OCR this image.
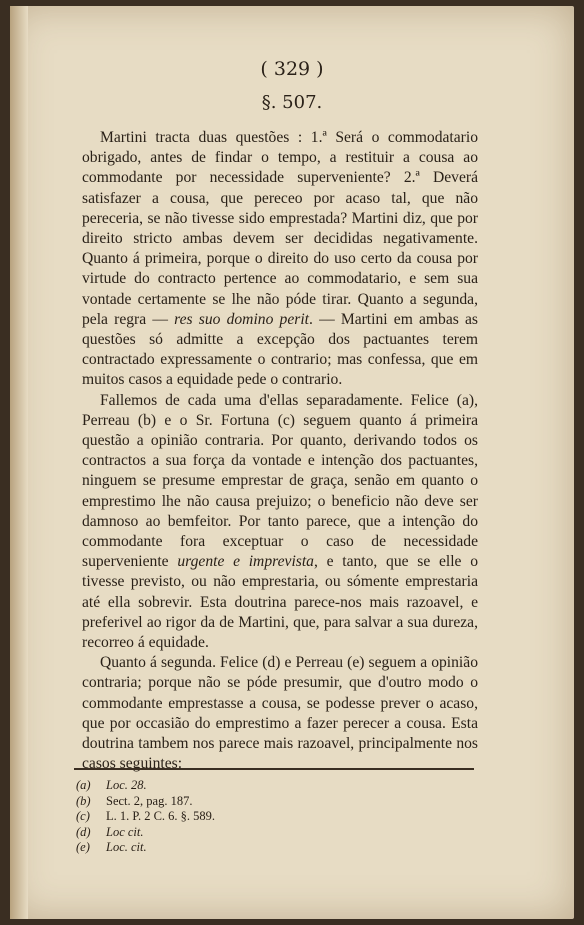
( 329 )
§. 507.

Martini tracta duas questões : 1.ª Será o commodatario obrigado, antes de findar o tempo, a restituir a cousa ao commodante por necessidade superveniente? 2.ª Deverá satisfazer a cousa, que pereceo por acaso tal, que não pereceria, se não tivesse sido emprestada? Martini diz, que por direito stricto ambas devem ser decididas negativamente. Quanto á primeira, porque o direito do uso certo da cousa por virtude do contracto pertence ao commodatario, e sem sua vontade certamente se lhe não póde tirar. Quanto a segunda, pela regra — res suo domino perit. — Martini em ambas as questões só admitte a excepção dos pactuantes terem contractado expressamente o contrario; mas confessa, que em muitos casos a equidade pede o contrario.

Fallemos de cada uma d'ellas separadamente. Felice (a), Perreau (b) e o Sr. Fortuna (c) seguem quanto á primeira questão a opinião contraria. Por quanto, derivando todos os contractos a sua força da vontade e intenção dos pactuantes, ninguem se presume emprestar de graça, senão em quanto o emprestimo lhe não causa prejuizo; o beneficio não deve ser damnoso ao bemfeitor. Por tanto parece, que a intenção do commodante fora exceptuar o caso de necessidade superveniente urgente e imprevista, e tanto, que se elle o tivesse previsto, ou não emprestaria, ou sómente emprestaria até ella sobrevir. Esta doutrina parece-nos mais razoavel, e preferivel ao rigor da de Martini, que, para salvar a sua dureza, recorreo á equidade.

Quanto á segunda. Felice (d) e Perreau (e) seguem a opinião contraria; porque não se póde presumir, que d'outro modo o commodante emprestasse a cousa, se podesse prever o acaso, que por occasião do emprestimo a fazer perecer a cousa. Esta doutrina tambem nos parece mais razoavel, principalmente nos casos seguintes:

(a)	Loc. 28.
(b)	Sect. 2, pag. 187.
(c)	L. 1. P. 2 C. 6. §. 589.
(d)	Loc cit.
(e)	Loc. cit.
